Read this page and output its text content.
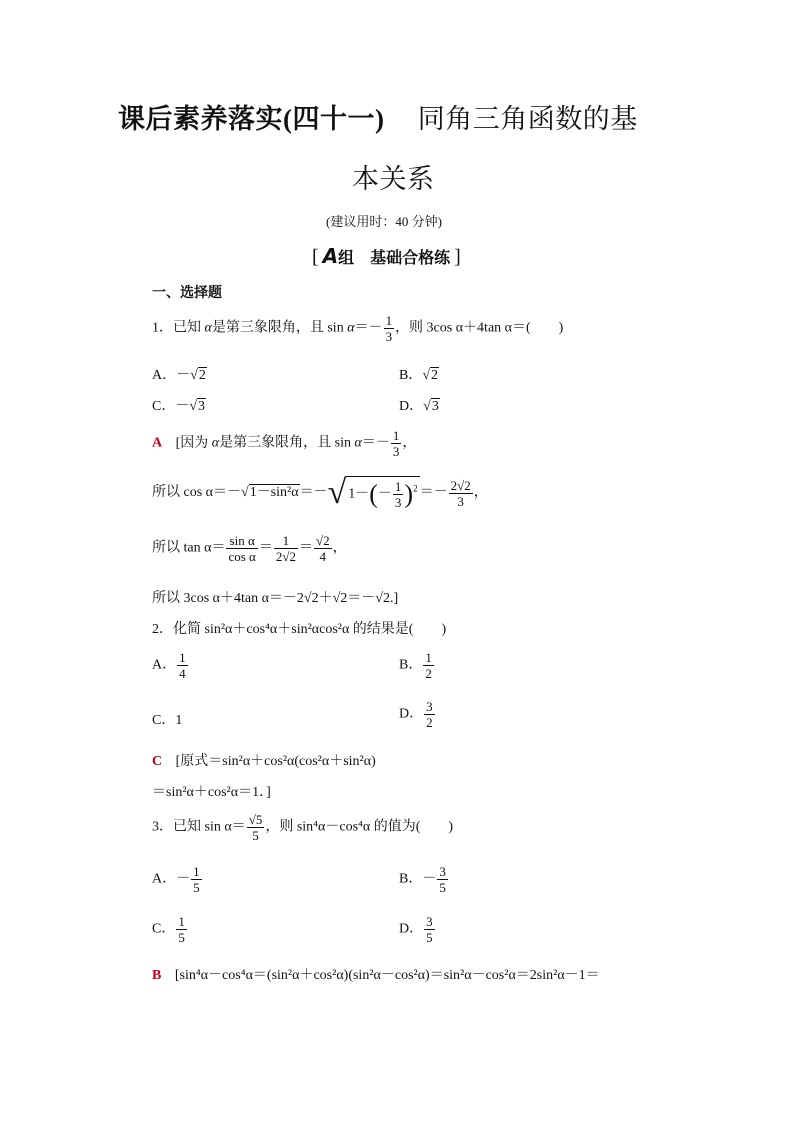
课后素养落实(四十一) 同角三角函数的基
本关系
(建议用时：40 分钟)
[ A组　基础合格练 ]
一、选择题
1．已知 α是第三象限角，且 $\sin \alpha=- \frac{1}{3}$ ，则 3cos α＋4tan α＝(　　)
A．－√2	B．√2
C．－√3	D．√3
A [因为 α是第三象限角，且 $\sin \alpha=- \frac{1}{3}$ ，
所以 cos α＝－√1－sin²α＝－√ $1-(- \frac{1}{3} )^2 =- \frac{2√2}{3}$ ，
所以 $\tan \alpha= \frac{\text{sin α}}{\text{cos α}} = \frac{1}{2√2} = \frac{√2}{4}$ ，
所以 3cos α＋4tan α＝－2√2＋√2＝－√2.]
2．化简 sin²α＋cos⁴α＋sin²αcos²α 的结果是(　　)
A． $\frac{1}{4}$	B． $\frac{1}{2}$
C．1	D． $\frac{3}{2}$
C [原式＝sin²α＋cos²α(cos²α＋sin²α)
＝sin²α＋cos²α＝1．]
3．已知 $\sin \alpha= \frac{√5}{5}$ ，则 sin⁴α－cos⁴α 的值为(　　)
A．－ $\frac{1}{5}$	B．－ $\frac{3}{5}$
C． $\frac{1}{5}$	D． $\frac{3}{5}$
B [sin⁴α－cos⁴α＝(sin²α＋cos²α)(sin²α－cos²α)＝sin²α－cos²α＝2sin²α－1＝
